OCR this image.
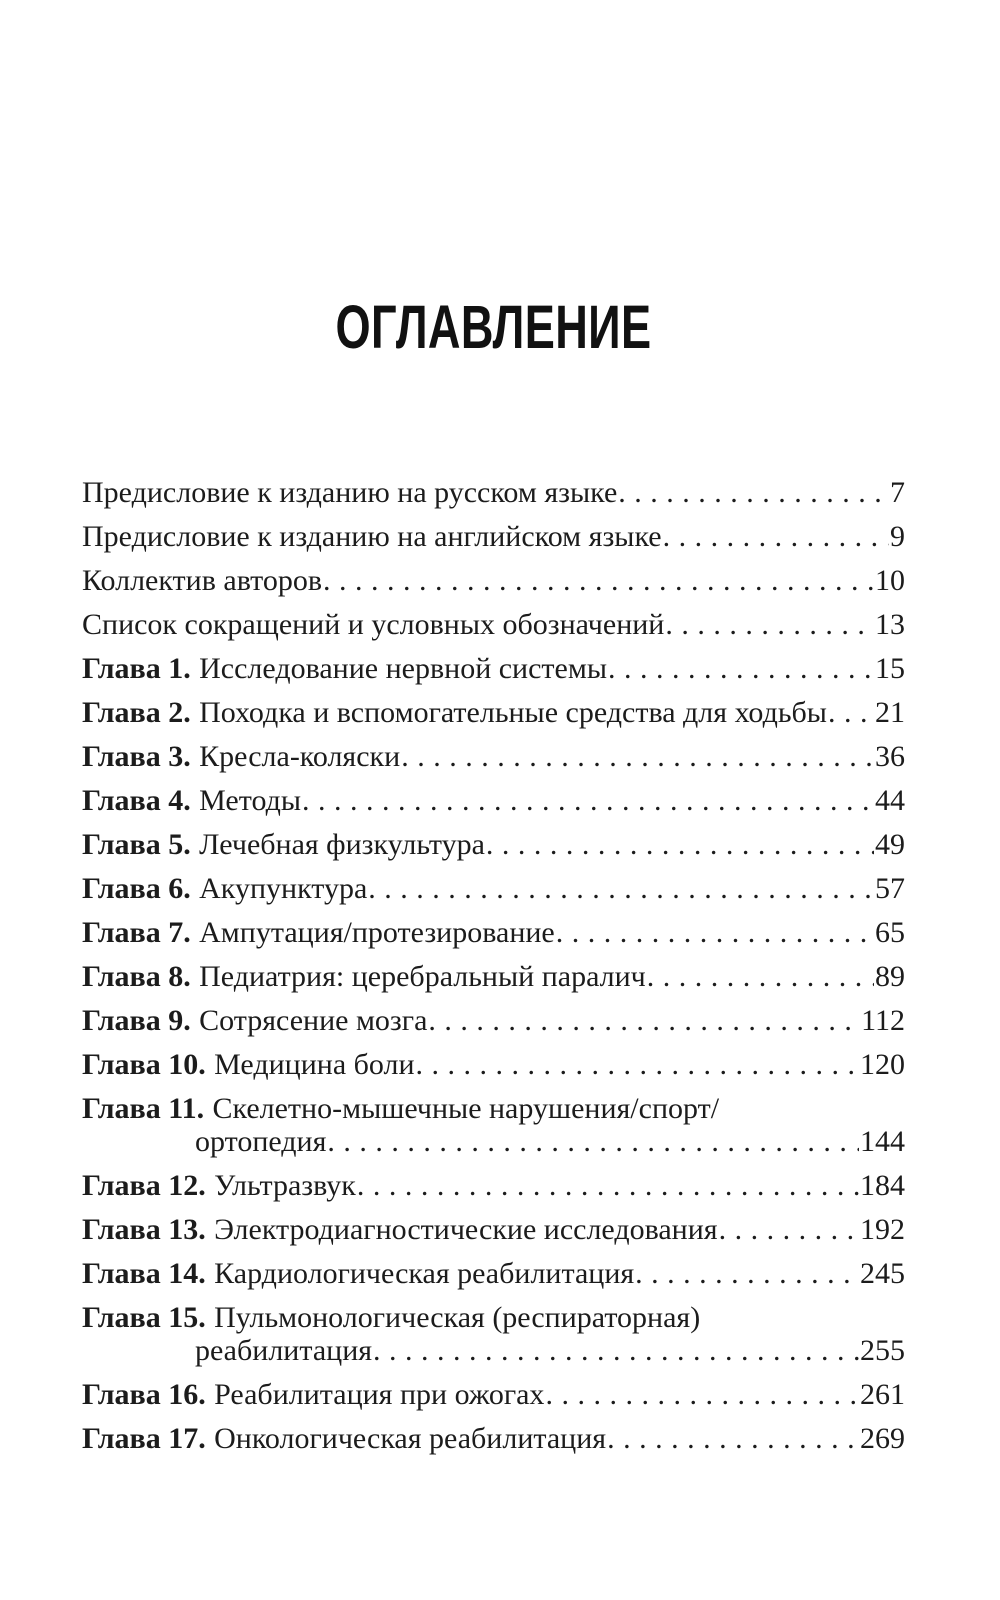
ОГЛАВЛЕНИЕ
Предисловие к изданию на русском языке . . .	7
Предисловие к изданию на английском языке . . .	9
Коллектив авторов . . .	10
Список сокращений и условных обозначений . . .	13
Глава 1. Исследование нервной системы . . .	15
Глава 2. Походка и вспомогательные средства для ходьбы . . . 21
Глава 3. Кресла-коляски . . .	36
Глава 4. Методы . . .	44
Глава 5. Лечебная физкультура . . .	49
Глава 6. Акупунктура . . .	57
Глава 7. Ампутация/протезирование . . .	65
Глава 8. Педиатрия: церебральный паралич . . .	89
Глава 9. Сотрясение мозга . . .	112
Глава 10. Медицина боли . . .	120
Глава 11. Скелетно-мышечные нарушения/спорт/
ортопедия . . .	144
Глава 12. Ультразвук . . .	184
Глава 13. Электродиагностические исследования . . .	192
Глава 14. Кардиологическая реабилитация . . .	245
Глава 15. Пульмонологическая (респираторная)
реабилитация . . .	255
Глава 16. Реабилитация при ожогах . . .	261
Глава 17. Онкологическая реабилитация . . .	269
